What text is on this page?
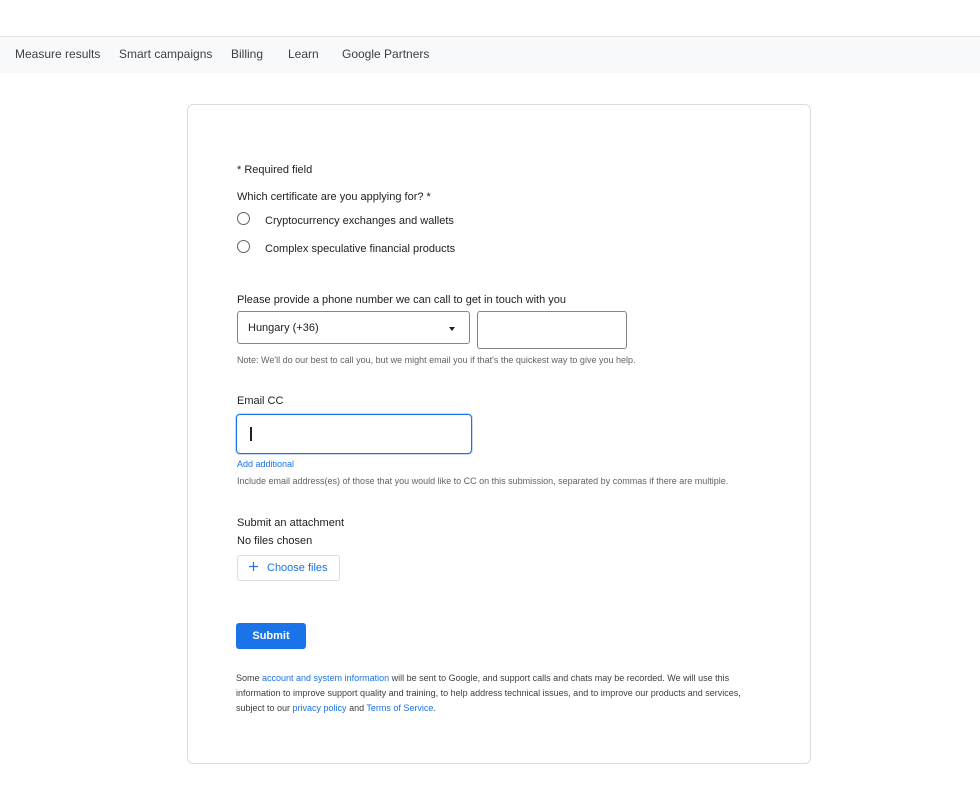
Measure results Smart campaigns Billing Learn Google Partners
* Required field
Which certificate are you applying for? *
Cryptocurrency exchanges and wallets
Complex speculative financial products
Please provide a phone number we can call to get in touch with you
Hungary (+36)
Note: We'll do our best to call you, but we might email you if that's the quickest way to give you help.
Email CC
Add additional
Include email address(es) of those that you would like to CC on this submission, separated by commas if there are multiple.
Submit an attachment
No files chosen
Choose files
Submit
Some account and system information will be sent to Google, and support calls and chats may be recorded. We will use this information to improve support quality and training, to help address technical issues, and to improve our products and services, subject to our privacy policy and Terms of Service.
